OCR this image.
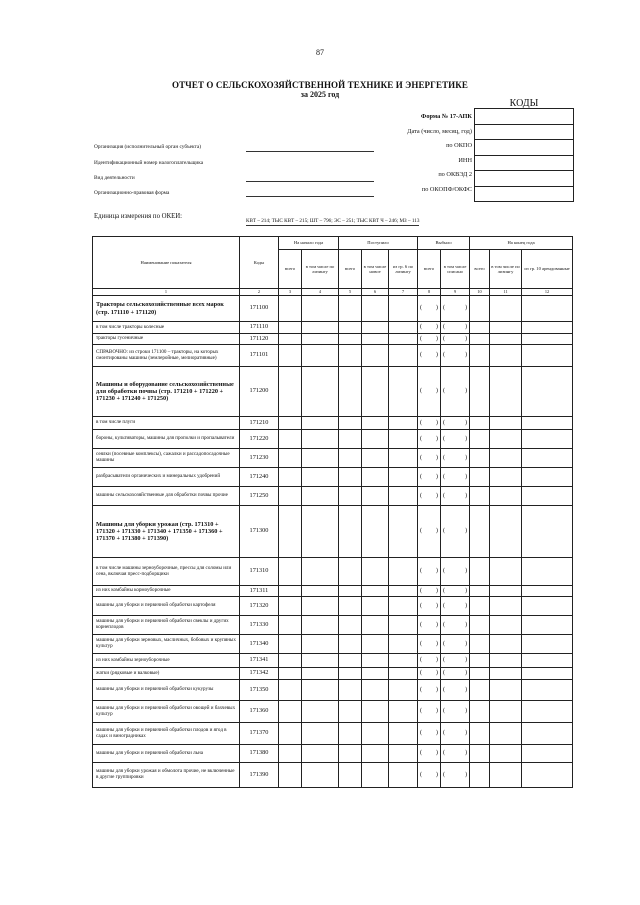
87
ОТЧЕТ О СЕЛЬСКОХОЗЯЙСТВЕННОЙ ТЕХНИКЕ И ЭНЕРГЕТИКЕ
за 2025 год
КОДЫ
Форма № 17-АПК
Дата (число, месяц, год)
по ОКПО
ИНН
по ОКВЭД 2
по ОКОПФ/ОКФС
Организация (исполнительный орган субъекта)
Идентификационный номер налогоплательщика
Вид деятельности
Организационно-правовая форма
Единица измерения по ОКЕИ:
КВТ – 214; ТЫС КВТ – 215; ШТ – 796; ЭС – 251; ТЫС КВТ Ч – 246; МЗ – 113
Наименование показателя	Коды	На начало года		Поступило			Выбыло		На конец года		
		всего	в том числе по лизингу	всего	в том числе новое	из гр. 6 по лизингу	всего	в том числе списано	всего	в том числе по лизингу	из гр. 10 арендованные
1	2	3	4	5	6	7	8	9	10	11	12
Тракторы сельскохозяйственные всех марок (стр. 171110 + 171120)	171100						( )	( )			

в том числе тракторы колесные	171110						( )	( )			

тракторы гусеничные	171120						( )	( )			

СПРАВОЧНО: из строки 171100 – тракторы, на которых смонтированы машины (землеройные, мелиоративные)	171101						( )	( )			

Машины и оборудование сельскохозяйственные для обработки почвы (стр. 171210 + 171220 + 171230 + 171240 + 171250)	171200						( )	( )			

в том числе плуги	171210						( )	( )			

бороны, культиваторы, машины для прополки и пропалыватели	171220						( )	( )			

сеялки (посевные комплексы), сажалки и рассадопосадочные машины	171230						( )	( )			

разбрасыватели органических и минеральных удобрений	171240						( )	( )			

машины сельскохозяйственные для обработки почвы прочие	171250						( )	( )			

Машины для уборки урожая (стр. 171310 + 171320 + 171330 + 171340 + 171350 + 171360 + 171370 + 171380 + 171390)	171300						( )	( )			

в том числе машины зерноуборочные, прессы для соломы или сена, включая пресс-подборщики	171310						( )	( )			

из них комбайны кормоуборочные	171311						( )	( )			

машины для уборки и первичной обработки картофеля	171320						( )	( )			

машины для уборки и первичной обработки свеклы и других корнеплодов	171330						( )	( )			

машины для уборки зерновых, масличных, бобовых и крупяных культур	171340						( )	( )			

из них комбайны зерноуборочные	171341						( )	( )			

жатки (рядковые и валковые)	171342						( )	( )			

машины для уборки и первичной обработки кукурузы	171350						( )	( )			

машины для уборки и первичной обработки овощей и бахчевых культур	171360						( )	( )			

машины для уборки и первичной обработки плодов и ягод в садах и виноградниках	171370						( )	( )			

машины для уборки и первичной обработки льна	171380						( )	( )			

машины для уборки урожая и обмолота прочие, не включенные в другие группировки	171390						( )	( )			
